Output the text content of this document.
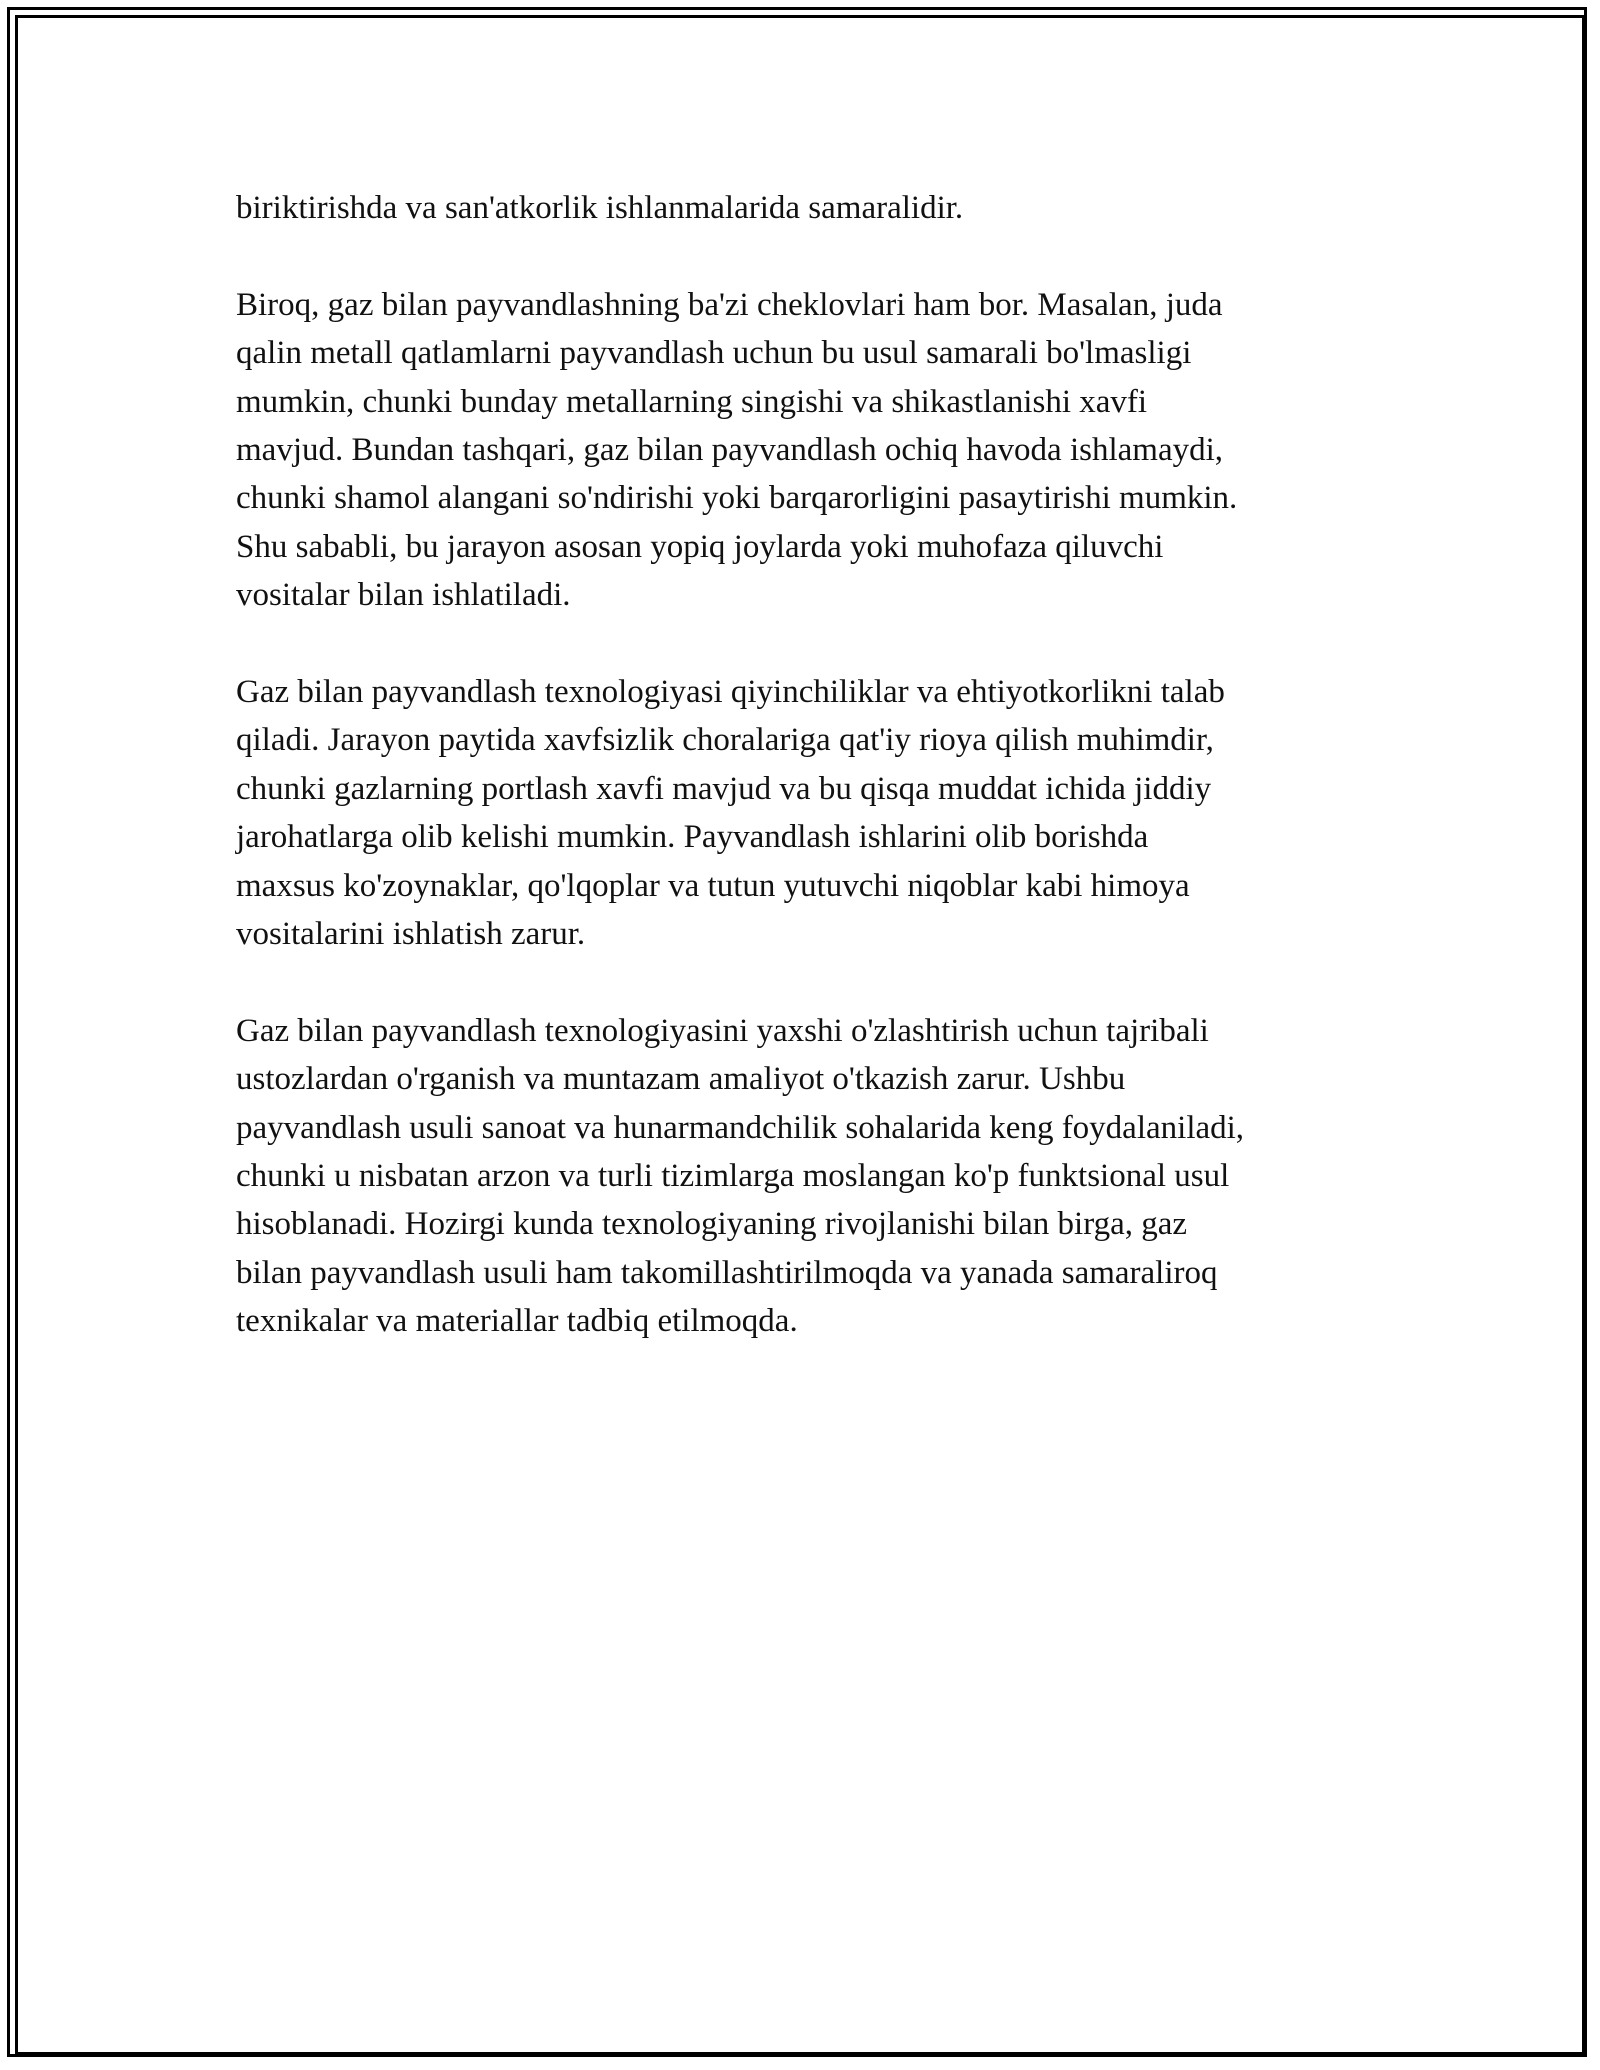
biriktirishda va san'atkorlik ishlanmalarida samaralidir.

Biroq, gaz bilan payvandlashning ba'zi cheklovlari ham bor. Masalan, juda
qalin metall qatlamlarni payvandlash uchun bu usul samarali bo'lmasligi
mumkin, chunki bunday metallarning singishi va shikastlanishi xavfi
mavjud. Bundan tashqari, gaz bilan payvandlash ochiq havoda ishlamaydi,
chunki shamol alangani so'ndirishi yoki barqarorligini pasaytirishi mumkin.
Shu sababli, bu jarayon asosan yopiq joylarda yoki muhofaza qiluvchi
vositalar bilan ishlatiladi.

Gaz bilan payvandlash texnologiyasi qiyinchiliklar va ehtiyotkorlikni talab
qiladi. Jarayon paytida xavfsizlik choralariga qat'iy rioya qilish muhimdir,
chunki gazlarning portlash xavfi mavjud va bu qisqa muddat ichida jiddiy
jarohatlarga olib kelishi mumkin. Payvandlash ishlarini olib borishda
maxsus ko'zoynaklar, qo'lqoplar va tutun yutuvchi niqoblar kabi himoya
vositalarini ishlatish zarur.

Gaz bilan payvandlash texnologiyasini yaxshi o'zlashtirish uchun tajribali
ustozlardan o'rganish va muntazam amaliyot o'tkazish zarur. Ushbu
payvandlash usuli sanoat va hunarmandchilik sohalarida keng foydalaniladi,
chunki u nisbatan arzon va turli tizimlarga moslangan ko'p funktsional usul
hisoblanadi. Hozirgi kunda texnologiyaning rivojlanishi bilan birga, gaz
bilan payvandlash usuli ham takomillashtirilmoqda va yanada samaraliroq
texnikalar va materiallar tadbiq etilmoqda.
